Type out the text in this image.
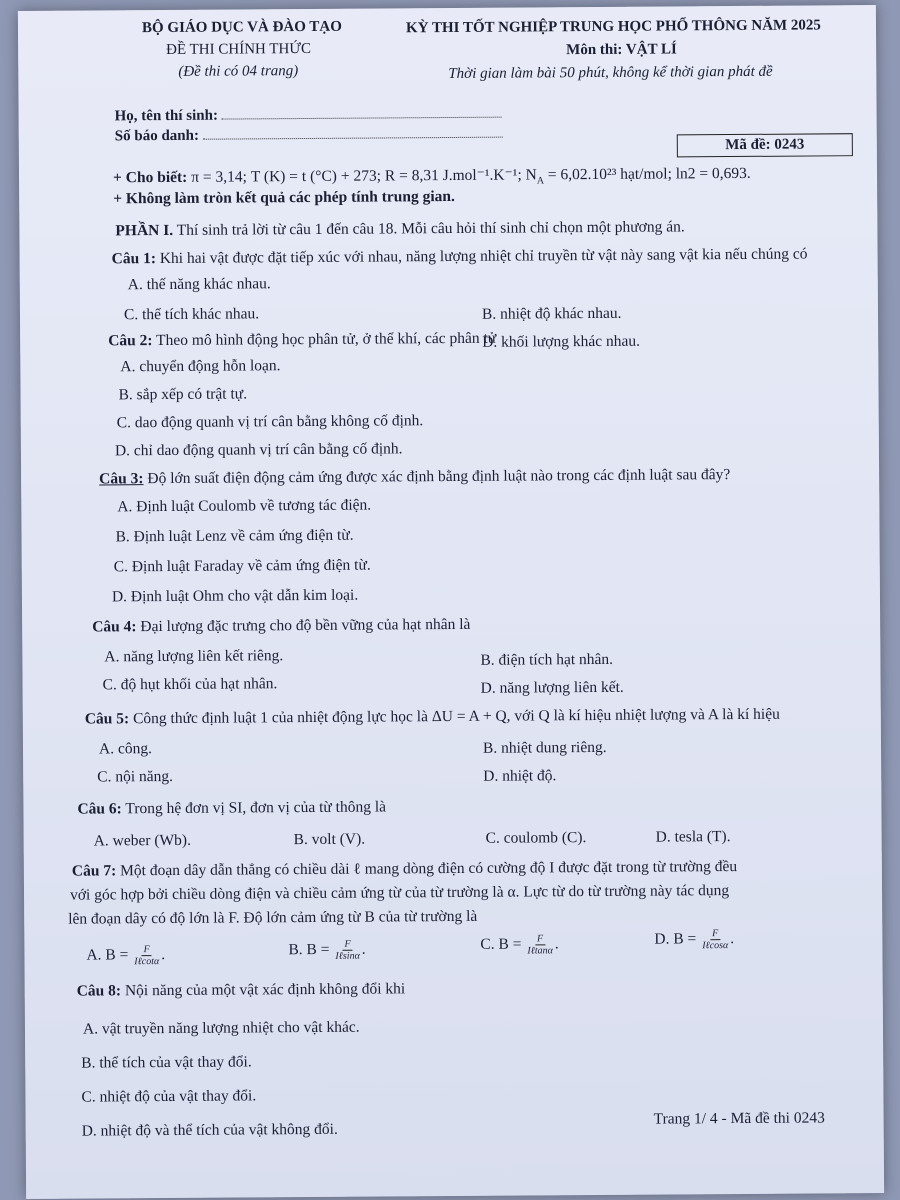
BỘ GIÁO DỤC VÀ ĐÀO TẠO
ĐỀ THI CHÍNH THỨC
(Đề thi có 04 trang)
KỲ THI TỐT NGHIỆP TRUNG HỌC PHỔ THÔNG NĂM 2025
Môn thi: VẬT LÍ
Thời gian làm bài 50 phút, không kể thời gian phát đề
Họ, tên thí sinh:
Số báo danh:
Mã đề: 0243
+ Cho biết: π = 3,14; T (K) = t (°C) + 273; R = 8,31 J.mol⁻¹.K⁻¹; $N_A = 6,02.10^{23}$ hạt/mol; ln2 = 0,693.
+ Không làm tròn kết quả các phép tính trung gian.
PHẦN I. Thí sinh trả lời từ câu 1 đến câu 18. Mỗi câu hỏi thí sinh chỉ chọn một phương án.
Câu 1: Khi hai vật được đặt tiếp xúc với nhau, năng lượng nhiệt chỉ truyền từ vật này sang vật kia nếu chúng có
A. thế năng khác nhau.
B. nhiệt độ khác nhau.
C. thể tích khác nhau.
D. khối lượng khác nhau.
Câu 2: Theo mô hình động học phân tử, ở thể khí, các phân tử
A. chuyển động hỗn loạn.
B. sắp xếp có trật tự.
C. dao động quanh vị trí cân bằng không cố định.
D. chỉ dao động quanh vị trí cân bằng cố định.
Câu 3: Độ lớn suất điện động cảm ứng được xác định bằng định luật nào trong các định luật sau đây?
A. Định luật Coulomb về tương tác điện.
B. Định luật Lenz về cảm ứng điện từ.
C. Định luật Faraday về cảm ứng điện từ.
D. Định luật Ohm cho vật dẫn kim loại.
Câu 4: Đại lượng đặc trưng cho độ bền vững của hạt nhân là
A. năng lượng liên kết riêng.	B. điện tích hạt nhân.
C. độ hụt khối của hạt nhân.	D. năng lượng liên kết.
Câu 5: Công thức định luật 1 của nhiệt động lực học là ΔU = A + Q, với Q là kí hiệu nhiệt lượng và A là kí hiệu
A. công.	B. nhiệt dung riêng.
C. nội năng.	D. nhiệt độ.
Câu 6: Trong hệ đơn vị SI, đơn vị của từ thông là
A. weber (Wb).	B. volt (V).	C. coulomb (C).	D. tesla (T).
Câu 7: Một đoạn dây dẫn thẳng có chiều dài ℓ mang dòng điện có cường độ I được đặt trong từ trường đều
với góc hợp bởi chiều dòng điện và chiều cảm ứng từ của từ trường là α. Lực từ do từ trường này tác dụng
lên đoạn dây có độ lớn là F. Độ lớn cảm ứng từ B của từ trường là
A. $B = \frac{F}{\text{Iℓcotα}}$ .	B. $B = \frac{F}{\text{Iℓsinα}}$ .	C. $B = \frac{F}{\text{Iℓtanα}}$ .	D. $B = \frac{F}{\text{Iℓcosα}}$ .
Câu 8: Nội năng của một vật xác định không đổi khi
A. vật truyền năng lượng nhiệt cho vật khác.
B. thể tích của vật thay đổi.
C. nhiệt độ của vật thay đổi.
D. nhiệt độ và thể tích của vật không đổi.
Trang 1/ 4 - Mã đề thi 0243
